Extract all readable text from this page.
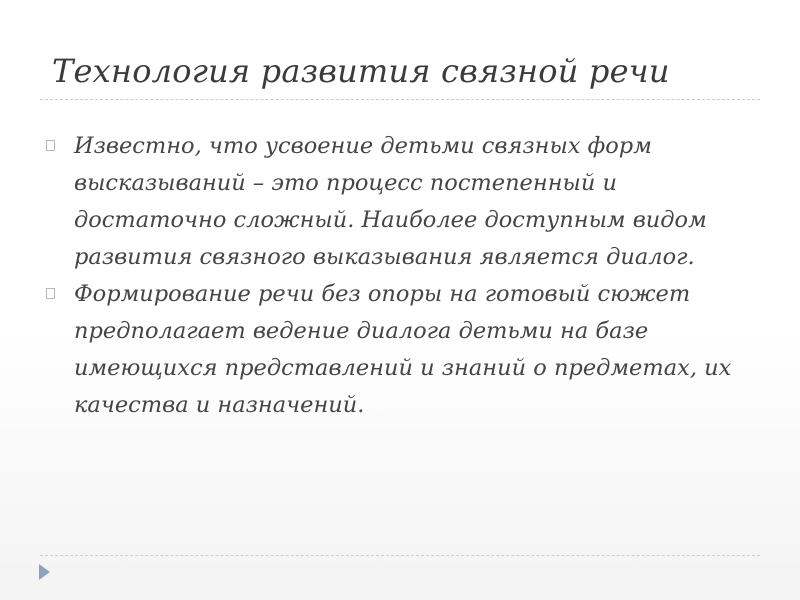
Технология развития связной речи
Известно, что усвоение детьми связных форм высказываний – это процесс постепенный и достаточно сложный. Наиболее доступным видом развития связного выказывания является диалог.
Формирование речи без опоры на готовый сюжет предполагает ведение диалога детьми на базе имеющихся представлений и знаний о предметах, их качества и назначений.
